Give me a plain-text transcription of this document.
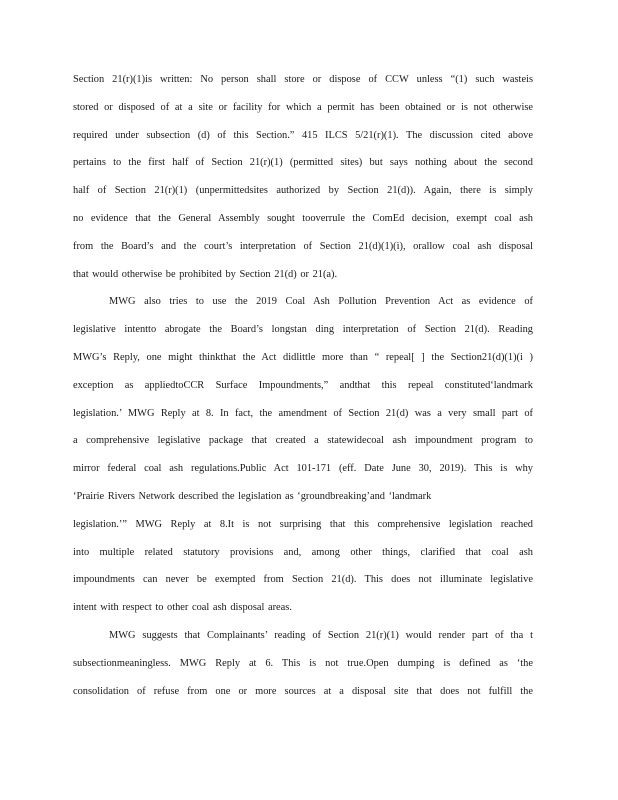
Section 21(r)(1)is written: No person shall store or dispose of CCW unless “(1) such wasteis
stored or disposed of at a site or facility for which a permit has been obtained or is not otherwise
required under subsection (d) of this Section.” 415 ILCS 5/21(r)(1). The discussion cited above
pertains to the first half of Section 21(r)(1) (permitted sites) but says nothing about the second
half of Section 21(r)(1) (unpermittedsites authorized by Section 21(d)). Again, there is simply
no evidence that the General Assembly sought tooverrule the ComEd decision, exempt coal ash
from the Board’s and the court’s interpretation of Section 21(d)(1)(i), orallow coal ash disposal
that would otherwise be prohibited by Section 21(d) or 21(a).
MWG also tries to use the 2019 Coal Ash Pollution Prevention Act as evidence of
legislative intentto abrogate the Board’s longstan ding interpretation of Section 21(d). Reading
MWG’s Reply, one might thinkthat the Act didlittle more than “ repeal[ ] the Section21(d)(1)(i )
exception as appliedtoCCR Surface Impoundments,” andthat this repeal constituted‘landmark
legislation.’ MWG Reply at 8. In fact, the amendment of Section 21(d) was a very small part of
a comprehensive legislative package that created a statewidecoal ash impoundment program to
mirror federal coal ash regulations.Public Act 101-171 (eff. Date June 30, 2019). This is why
‘Prairie Rivers Network described the legislation as ‘groundbreaking’and ‘landmark
legislation.’” MWG Reply at 8.It is not surprising that this comprehensive legislation reached
into multiple related statutory provisions and, among other things, clarified that coal ash
impoundments can never be exempted from Section 21(d). This does not illuminate legislative
intent with respect to other coal ash disposal areas.
MWG suggests that Complainants’ reading of Section 21(r)(1) would render part of tha t
subsectionmeaningless. MWG Reply at 6. This is not true.Open dumping is defined as ‘the
consolidation of refuse from one or more sources at a disposal site that does not fulfill the
